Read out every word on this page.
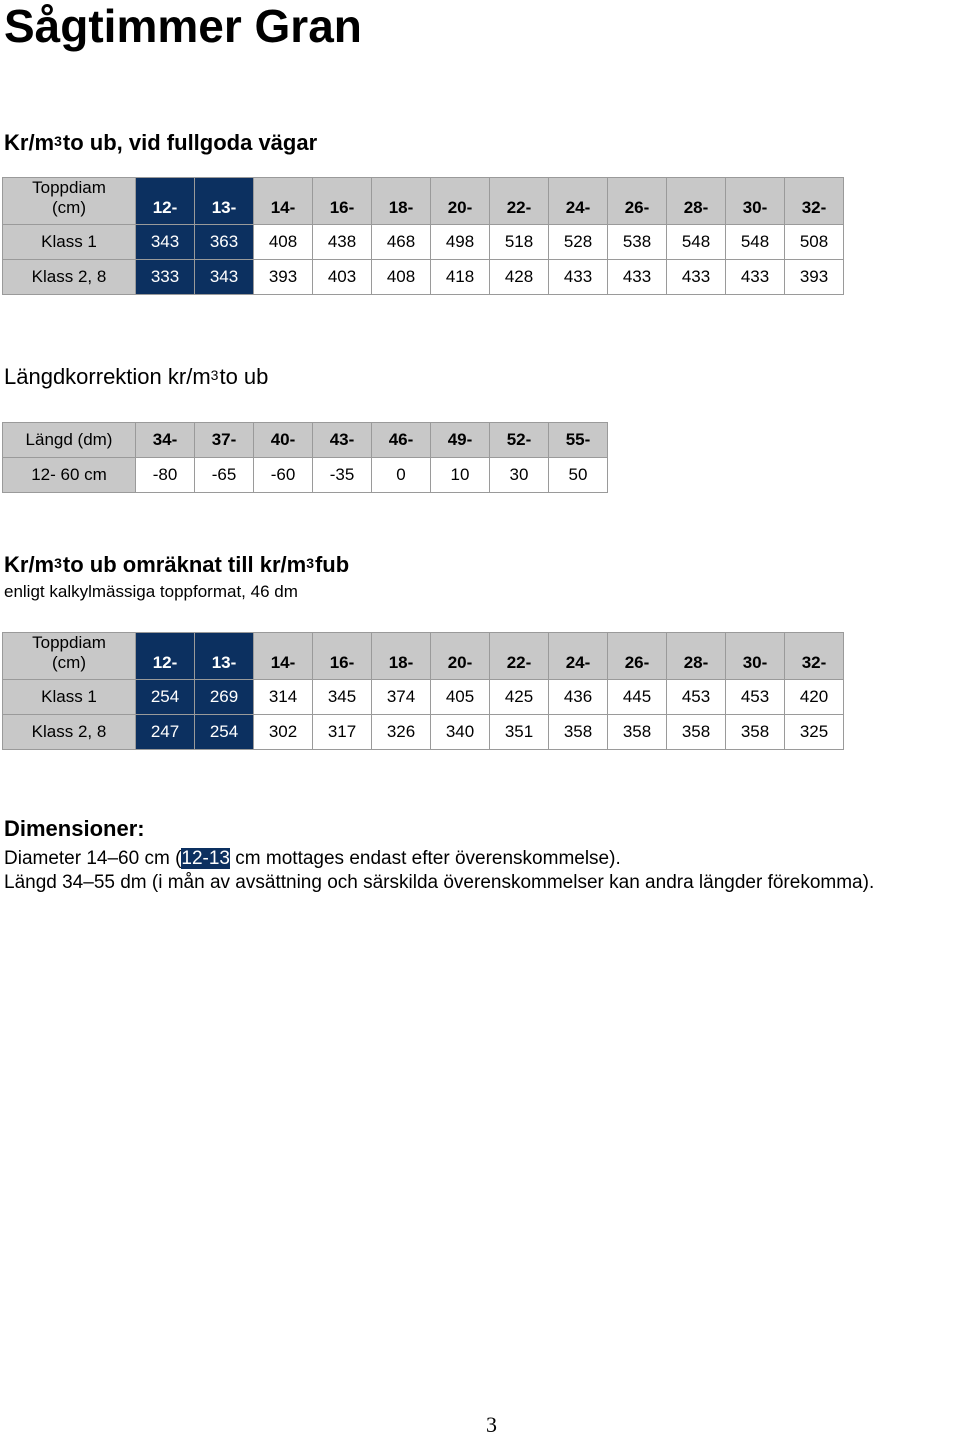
Sågtimmer Gran
$Kr/m^3to$ ub, vid fullgoda vägar
Toppdiam
(cm)	12-	13-	14-	16-	18-	20-	22-	24-	26-	28-	30-	32-
Klass 1	343	363	408	438	468	498	518	528	538	548	548	508
Klass 2, 8	333	343	393	403	408	418	428	433	433	433	433	393
Längdkorrektion $kr/m^3to$ ub
Längd (dm)	34-	37-	40-	43-	46-	49-	52-	55-
12- 60 cm	-80	-65	-60	-35	0	10	30	50
$Kr/m^3to$ ub omräknat till $kr/m^3fub$
enligt kalkylmässiga toppformat, 46 dm
Toppdiam
(cm)	12-	13-	14-	16-	18-	20-	22-	24-	26-	28-	30-	32-
Klass 1	254	269	314	345	374	405	425	436	445	453	453	420
Klass 2, 8	247	254	302	317	326	340	351	358	358	358	358	325
Dimensioner:
Diameter 14–60 cm (12-13 cm mottages endast efter överenskommelse).
Längd 34–55 dm (i mån av avsättning och särskilda överenskommelser kan andra längder förekomma).
3
